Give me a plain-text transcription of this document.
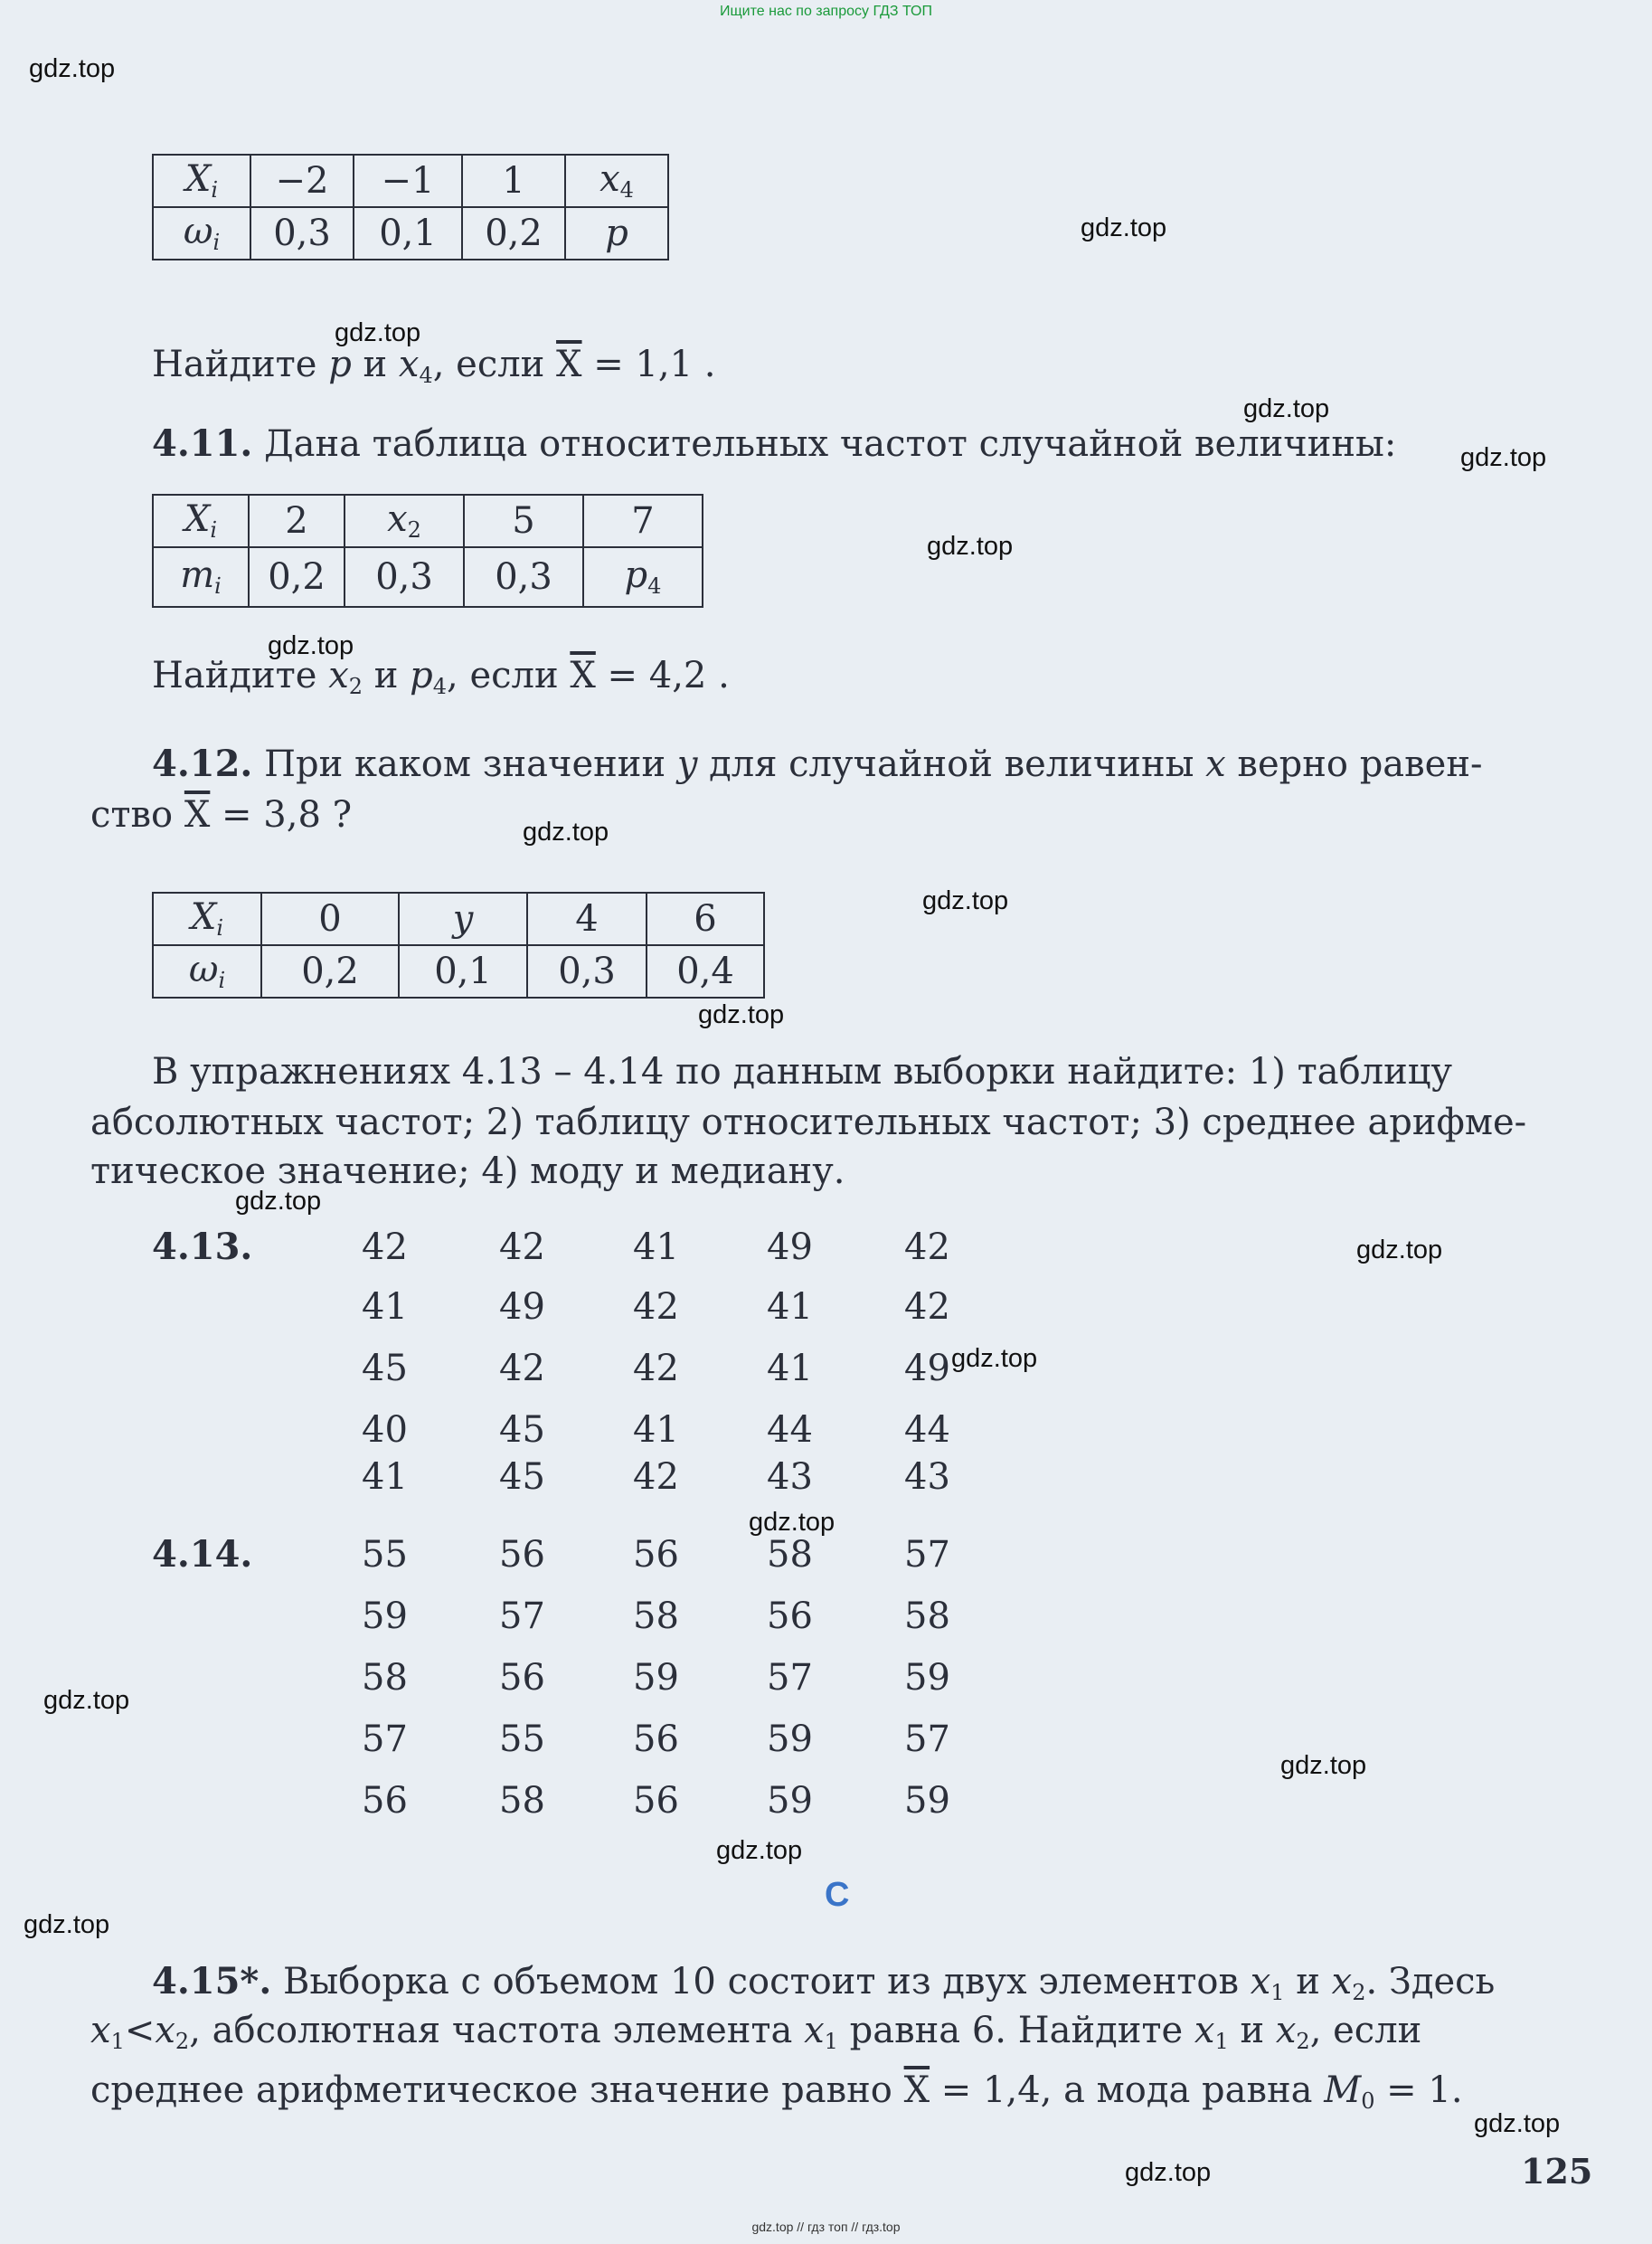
Ищите нас по запросу ГДЗ ТОП
gdz.top
gdz.top
gdz.top
gdz.top
gdz.top
gdz.top
gdz.top
gdz.top
gdz.top
gdz.top
gdz.top
gdz.top
gdz.top
gdz.top
gdz.top
gdz.top
gdz.top
gdz.top
gdz.top
gdz.top
$X_i$	−2	−1	1	$x_4$
$\omega_i$	0,3	0,1	0,2	p
Найдите p и $x_4$, если $\overline{X} = 1,1$ .
4.11. Дана таблица относительных частот случайной величины:
$X_i$	2	$x_2$	5	7
$m_i$	0,2	0,3	0,3	$p_4$
Найдите $x_2$ и $p_4$, если $\overline{X} = 4,2$ .
4.12. При каком значении y для случайной величины x верно равен-
ство $\overline{X} = 3,8$ ?
$X_i$	0	y	4	6
$\omega_i$	0,2	0,1	0,3	0,4
В упражнениях 4.13 – 4.14 по данным выборки найдите: 1) таблицу
абсолютных частот; 2) таблицу относительных частот; 3) среднее арифме-
тическое значение; 4) моду и медиану.
4.13.	42	42 41 49	42
41	49 42 41	42
45	42 42 41	49
40	45 41 44	44
41	45 42 43	43
4.14.	55	56 56 58	57
59	57 58 56	58
58	56 59 57	59
57	55 56 59	57
56	58 56 59	59
C
4.15*. Выборка с объемом 10 состоит из двух элементов $x_1$ и $x_2$. Здесь
$x_1<x_2$, абсолютная частота элемента $x_1$ равна 6. Найдите $x_1$ и $x_2$, если
среднее арифметическое значение равно $\overline{X} = 1,4$, а мода равна $M_0 = 1$.
125
gdz.top // гдз топ // гдз.top
